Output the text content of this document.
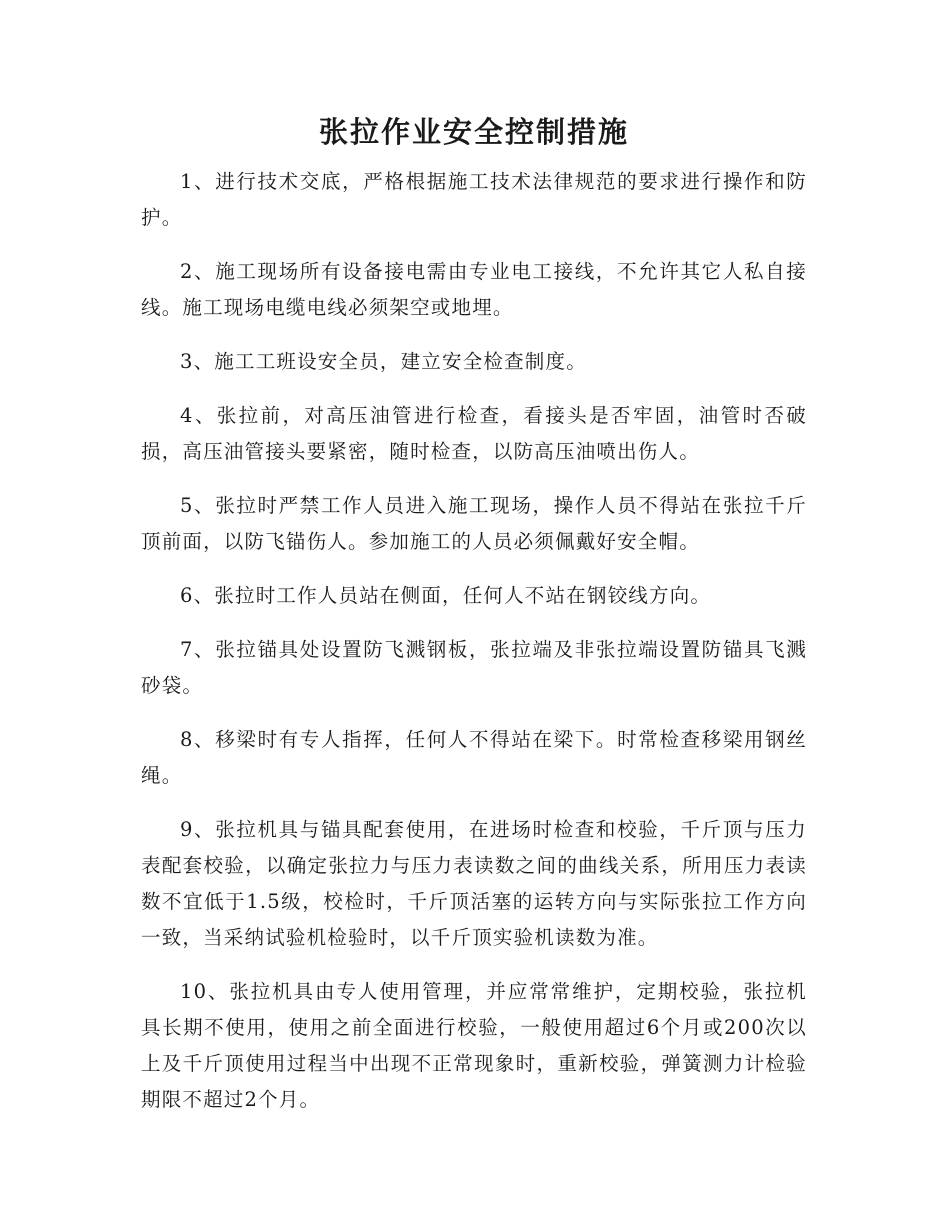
张拉作业安全控制措施

1、进行技术交底，严格根据施工技术法律规范的要求进行操作和防护。

2、施工现场所有设备接电需由专业电工接线，不允许其它人私自接线。施工现场电缆电线必须架空或地埋。

3、施工工班设安全员，建立安全检查制度。

4、张拉前，对高压油管进行检查，看接头是否牢固，油管时否破损，高压油管接头要紧密，随时检查，以防高压油喷出伤人。

5、张拉时严禁工作人员进入施工现场，操作人员不得站在张拉千斤顶前面，以防飞锚伤人。参加施工的人员必须佩戴好安全帽。

6、张拉时工作人员站在侧面，任何人不站在钢铰线方向。

7、张拉锚具处设置防飞溅钢板，张拉端及非张拉端设置防锚具飞溅砂袋。

8、移梁时有专人指挥，任何人不得站在梁下。时常检查移梁用钢丝绳。

9、张拉机具与锚具配套使用，在进场时检查和校验，千斤顶与压力表配套校验，以确定张拉力与压力表读数之间的曲线关系，所用压力表读数不宜低于1.5级，校检时，千斤顶活塞的运转方向与实际张拉工作方向一致，当采纳试验机检验时，以千斤顶实验机读数为准。

10、张拉机具由专人使用管理，并应常常维护，定期校验，张拉机具长期不使用，使用之前全面进行校验，一般使用超过6个月或200次以上及千斤顶使用过程当中出现不正常现象时，重新校验，弹簧测力计检验期限不超过2个月。
